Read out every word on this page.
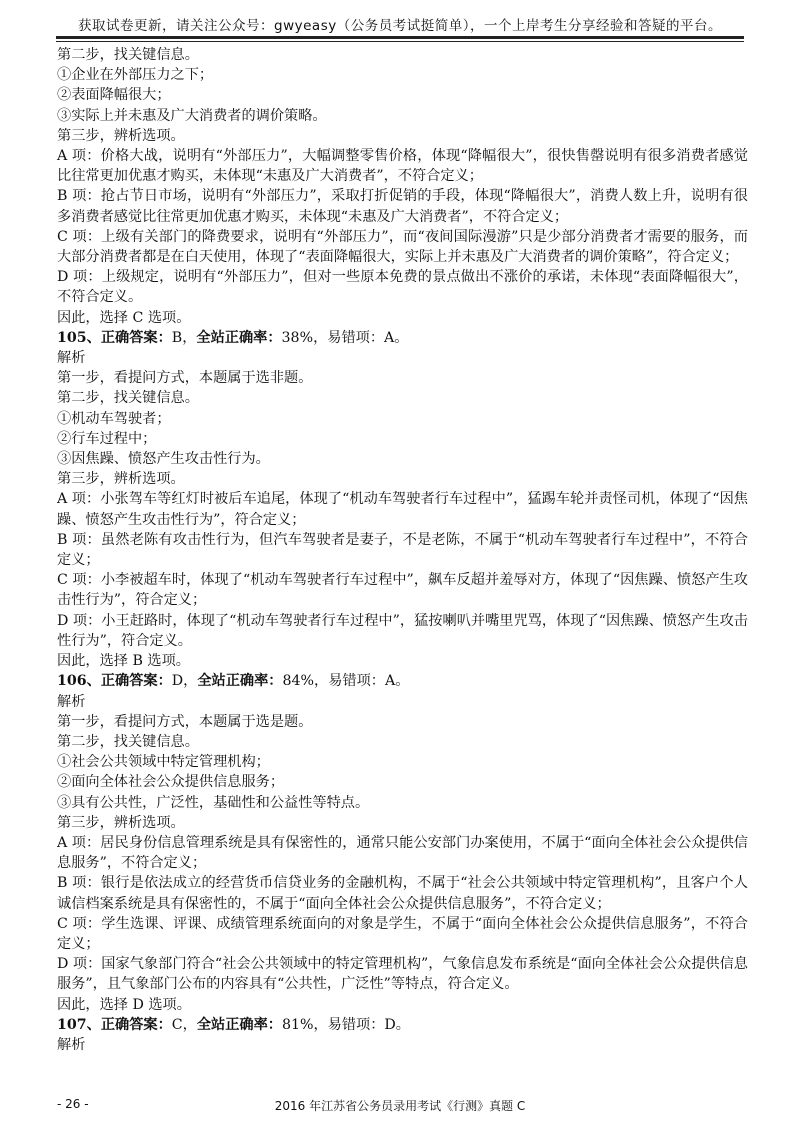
获取试卷更新，请关注公众号：gwyeasy（公务员考试挺简单），一个上岸考生分享经验和答疑的平台。

第二步，找关键信息。

①企业在外部压力之下；

②表面降幅很大；

③实际上并未惠及广大消费者的调价策略。

第三步，辨析选项。

A 项：价格大战，说明有“外部压力”，大幅调整零售价格，体现“降幅很大”，很快售罄说明有很多消费者感觉比往常更加优惠才购买，未体现“未惠及广大消费者”，不符合定义；

B 项：抢占节日市场，说明有“外部压力”，采取打折促销的手段，体现“降幅很大”，消费人数上升，说明有很多消费者感觉比往常更加优惠才购买，未体现“未惠及广大消费者”，不符合定义；

C 项：上级有关部门的降费要求，说明有“外部压力”，而“夜间国际漫游”只是少部分消费者才需要的服务，而大部分消费者都是在白天使用，体现了“表面降幅很大，实际上并未惠及广大消费者的调价策略”，符合定义；

D 项：上级规定，说明有“外部压力”，但对一些原本免费的景点做出不涨价的承诺，未体现“表面降幅很大”，不符合定义。

因此，选择 C 选项。

105、正确答案：B，全站正确率：38%，易错项：A。

解析

第一步，看提问方式，本题属于选非题。

第二步，找关键信息。

①机动车驾驶者；

②行车过程中；

③因焦躁、愤怒产生攻击性行为。

第三步，辨析选项。

A 项：小张驾车等红灯时被后车追尾，体现了“机动车驾驶者行车过程中”，猛踢车轮并责怪司机，体现了“因焦躁、愤怒产生攻击性行为”，符合定义；

B 项：虽然老陈有攻击性行为，但汽车驾驶者是妻子，不是老陈，不属于“机动车驾驶者行车过程中”，不符合定义；

C 项：小李被超车时，体现了“机动车驾驶者行车过程中”，飙车反超并羞辱对方，体现了“因焦躁、愤怒产生攻击性行为”，符合定义；

D 项：小王赶路时，体现了“机动车驾驶者行车过程中”，猛按喇叭并嘴里咒骂，体现了“因焦躁、愤怒产生攻击性行为”，符合定义。

因此，选择 B 选项。

106、正确答案：D，全站正确率：84%，易错项：A。

解析

第一步，看提问方式，本题属于选是题。

第二步，找关键信息。

①社会公共领域中特定管理机构；

②面向全体社会公众提供信息服务；

③具有公共性，广泛性，基础性和公益性等特点。

第三步，辨析选项。

A 项：居民身份信息管理系统是具有保密性的，通常只能公安部门办案使用，不属于“面向全体社会公众提供信息服务”，不符合定义；

B 项：银行是依法成立的经营货币信贷业务的金融机构，不属于“社会公共领域中特定管理机构”，且客户个人诚信档案系统是具有保密性的，不属于“面向全体社会公众提供信息服务”，不符合定义；

C 项：学生选课、评课、成绩管理系统面向的对象是学生，不属于“面向全体社会公众提供信息服务”，不符合定义；

D 项：国家气象部门符合“社会公共领域中的特定管理机构”，气象信息发布系统是“面向全体社会公众提供信息服务”，且气象部门公布的内容具有“公共性，广泛性”等特点，符合定义。

因此，选择 D 选项。

107、正确答案：C，全站正确率：81%，易错项：D。

解析

- 26 -	2016 年江苏省公务员录用考试《行测》真题 C
